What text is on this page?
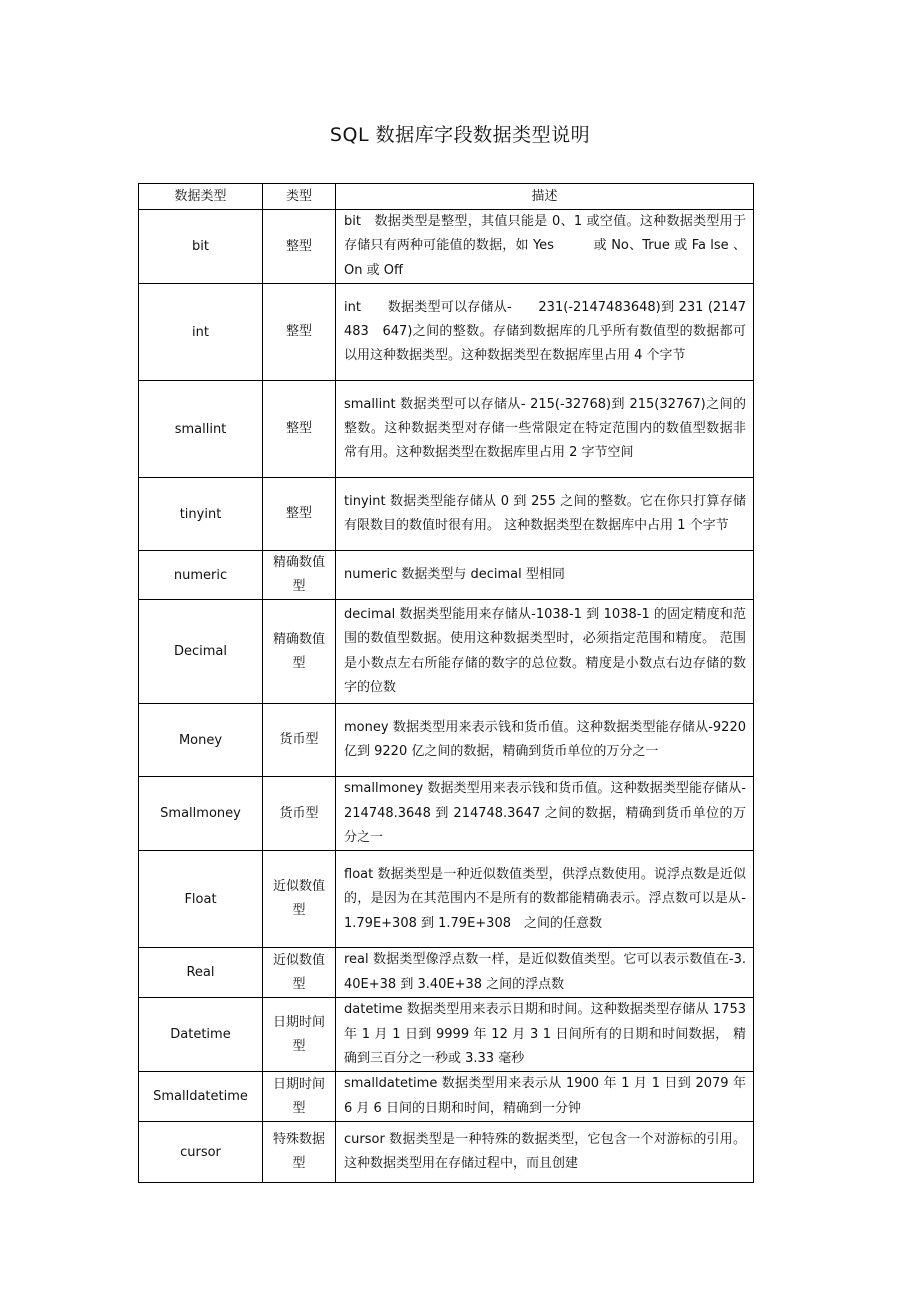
SQL 数据库字段数据类型说明
数据类型	类型	描述
bit	整型	bit　数据类型是整型，其值只能是 0、1 或空值。这种数据类型用于存储只有两种可能值的数据，如 Yes　　　或 No、True 或 Fa lse 、On 或 Off

int	整型	int　　数据类型可以存储从-　　231(-2147483648)到 231 (2147483　647)之间的整数。存储到数据库的几乎所有数值型的数据都可以用这种数据类型。这种数据类型在数据库里占用 4 个字节

smallint	整型	smallint 数据类型可以存储从- 215(-32768)到 215(32767)之间的整数。这种数据类型对存储一些常限定在特定范围内的数值型数据非常有用。这种数据类型在数据库里占用 2 字节空间

tinyint	整型	tinyint 数据类型能存储从 0 到 255 之间的整数。它在你只打算存储有限数目的数值时很有用。 这种数据类型在数据库中占用 1 个字节

numeric	精确数值型	numeric 数据类型与 decimal 型相同

Decimal	精确数值型	decimal 数据类型能用来存储从-1038-1 到 1038-1 的固定精度和范围的数值型数据。使用这种数据类型时，必须指定范围和精度。 范围是小数点左右所能存储的数字的总位数。精度是小数点右边存储的数字的位数

Money	货币型	money 数据类型用来表示钱和货币值。这种数据类型能存储从-9220 亿到 9220 亿之间的数据，精确到货币单位的万分之一

Smallmoney	货币型	smallmoney 数据类型用来表示钱和货币值。这种数据类型能存储从-214748.3648 到 214748.3647 之间的数据，精确到货币单位的万分之一

Float	近似数值型	float 数据类型是一种近似数值类型，供浮点数使用。说浮点数是近似的，是因为在其范围内不是所有的数都能精确表示。浮点数可以是从-1.79E+308 到 1.79E+308　之间的任意数

Real	近似数值型	real 数据类型像浮点数一样，是近似数值类型。它可以表示数值在-3.40E+38 到 3.40E+38 之间的浮点数

Datetime	日期时间型	datetime 数据类型用来表示日期和时间。这种数据类型存储从 1753 年 1 月 1 日到 9999 年 12 月 3 1 日间所有的日期和时间数据， 精确到三百分之一秒或 3.33 毫秒

Smalldatetime	日期时间型	smalldatetime 数据类型用来表示从 1900 年 1 月 1 日到 2079 年 6 月 6 日间的日期和时间，精确到一分钟

cursor	特殊数据型	cursor 数据类型是一种特殊的数据类型，它包含一个对游标的引用。这种数据类型用在存储过程中，而且创建
